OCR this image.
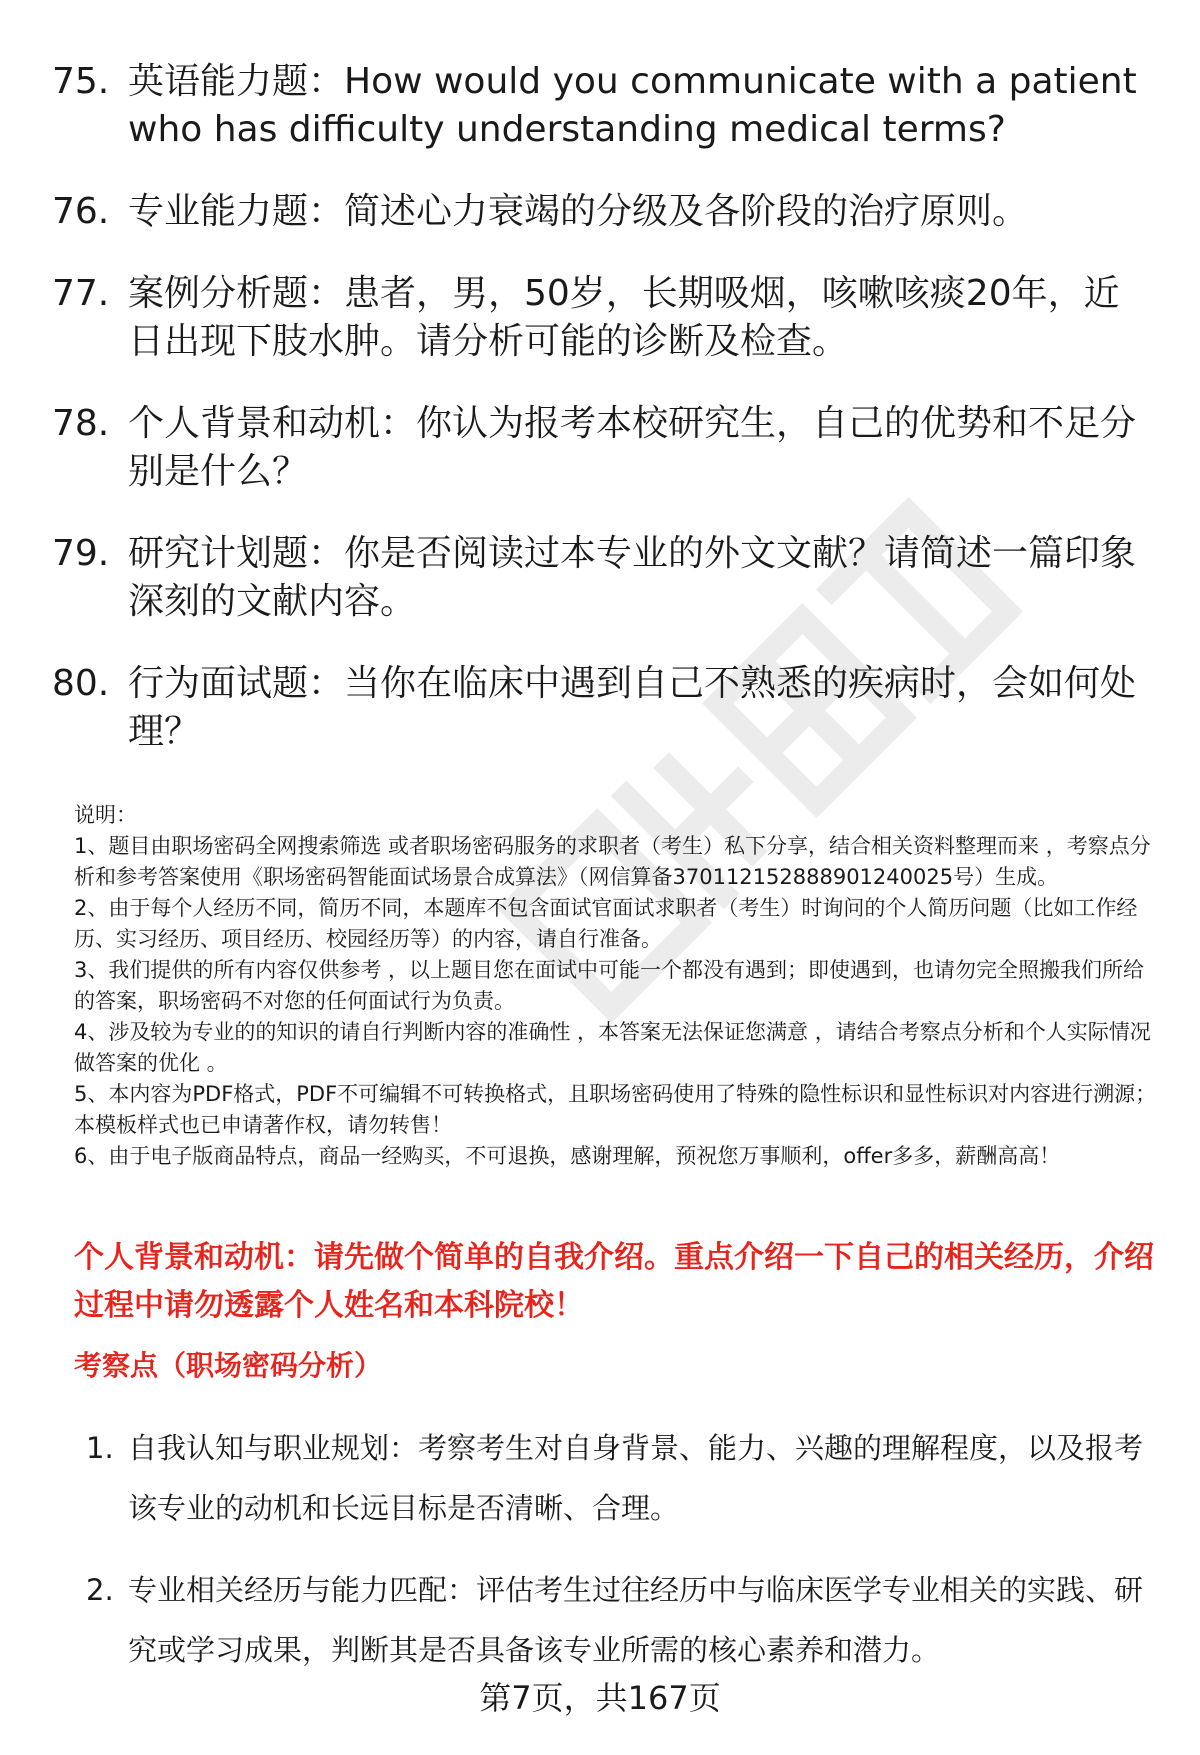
75. 英语能力题：How would you communicate with a patient who has difficulty understanding medical terms?
76. 专业能力题：简述心力衰竭的分级及各阶段的治疗原则。
77. 案例分析题：患者，男，50岁，长期吸烟，咳嗽咳痰20年，近日出现下肢水肿。请分析可能的诊断及检查。
78. 个人背景和动机：你认为报考本校研究生，自己的优势和不足分别是什么？
79. 研究计划题：你是否阅读过本专业的外文文献？请简述一篇印象深刻的文献内容。
80. 行为面试题：当你在临床中遇到自己不熟悉的疾病时，会如何处理？

说明：

1、题目由职场密码全网搜索筛选 或者职场密码服务的求职者（考生）私下分享，结合相关资料整理而来 ，考察点分析和参考答案使用《职场密码智能面试场景合成算法》（网信算备370112152888901240025号）生成。

2、由于每个人经历不同，简历不同，本题库不包含面试官面试求职者（考生）时询问的个人简历问题（比如工作经历、实习经历、项目经历、校园经历等）的内容，请自行准备。

3、我们提供的所有内容仅供参考 ，以上题目您在面试中可能一个都没有遇到；即使遇到，也请勿完全照搬我们所给的答案，职场密码不对您的任何面试行为负责。

4、涉及较为专业的的知识的请自行判断内容的准确性 ，本答案无法保证您满意 ，请结合考察点分析和个人实际情况做答案的优化 。

5、本内容为PDF格式，PDF不可编辑不可转换格式，且职场密码使用了特殊的隐性标识和显性标识对内容进行溯源；本模板样式也已申请著作权，请勿转售！

6、由于电子版商品特点，商品一经购买，不可退换，感谢理解，预祝您万事顺利，offer多多，薪酬高高！

个人背景和动机：请先做个简单的自我介绍。重点介绍一下自己的相关经历，介绍过程中请勿透露个人姓名和本科院校！
考察点（职场密码分析）
1. 自我认知与职业规划：考察考生对自身背景、能力、兴趣的理解程度，以及报考该专业的动机和长远目标是否清晰、合理。
2. 专业相关经历与能力匹配：评估考生过往经历中与临床医学专业相关的实践、研究或学习成果，判断其是否具备该专业所需的核心素养和潜力。
第7页，共167页
